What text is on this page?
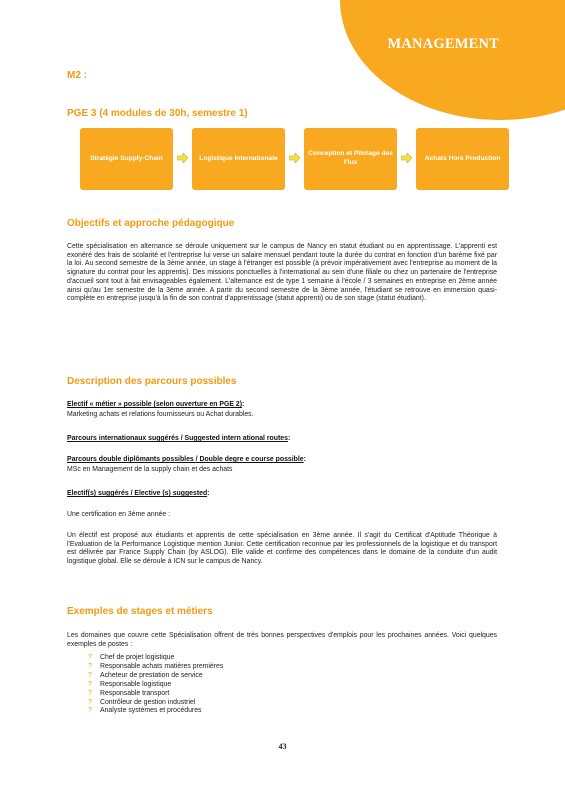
MANAGEMENT
M2 :
PGE 3 (4 modules de 30h, semestre 1)
Stratégie Supply-Chain	Logistique Internationale
Conception et Pilotage des Flux
Achats Hors Production
Objectifs et approche pédagogique

Cette spécialisation en alternance se déroule uniquement sur le campus de Nancy en statut étudiant ou en apprentissage. L'apprenti est exonéré des frais de scolarité et l'entreprise lui verse un salaire mensuel pendant toute la durée du contrat en fonction d'un barème fixé par la loi. Au second semestre de la 3ème année, un stage à l'étranger est possible (à prévoir impérativement avec l'entreprise au moment de la signature du contrat pour les apprentis). Des missions ponctuelles à l'international au sein d'une filiale ou chez un partenaire de l'entreprise d'accueil sont tout à fait envisageables également. L'alternance est de type 1 semaine à l'école / 3 semaines en entreprise en 2ème année ainsi qu'au 1er semestre de la 3ème année. A partir du second semestre de la 3ème année, l'étudiant se retrouve en immersion quasi-complète en entreprise jusqu'à la fin de son contrat d'apprentissage (statut apprenti) ou de son stage (statut étudiant).

Description des parcours possibles
Electif « métier » possible (selon ouverture en PGE 2):
Marketing achats et relations fournisseurs ou Achat durables.
Parcours internationaux suggérés / Suggested intern ational routes:
Parcours double diplômants possibles / Double degre e course possible:
MSc en Management de la supply chain et des achats
Electif(s) suggérés / Elective (s) suggested:
Une certification en 3ème année :

Un électif est proposé aux étudiants et apprentis de cette spécialisation en 3ème année. Il s'agit du Certificat d'Aptitude Théorique à l'Evaluation de la Performance Logistique mention Junior. Cette certification reconnue par les professionnels de la logistique et du transport est délivrée par France Supply Chain (by ASLOG). Elle valide et confirme des compétences dans le domaine de la conduite d'un audit logistique global. Elle se déroule à ICN sur le campus de Nancy.

Exemples de stages et métiers

Les domaines que couvre cette Spécialisation offrent de très bonnes perspectives d'emplois pour les prochaines années. Voici quelques exemples de postes :

? Chef de projet logistique
? Responsable achats matières premières
? Acheteur de prestation de service
? Responsable logistique
? Responsable transport
? Contrôleur de gestion industriel
? Analyste systèmes et procédures
43
